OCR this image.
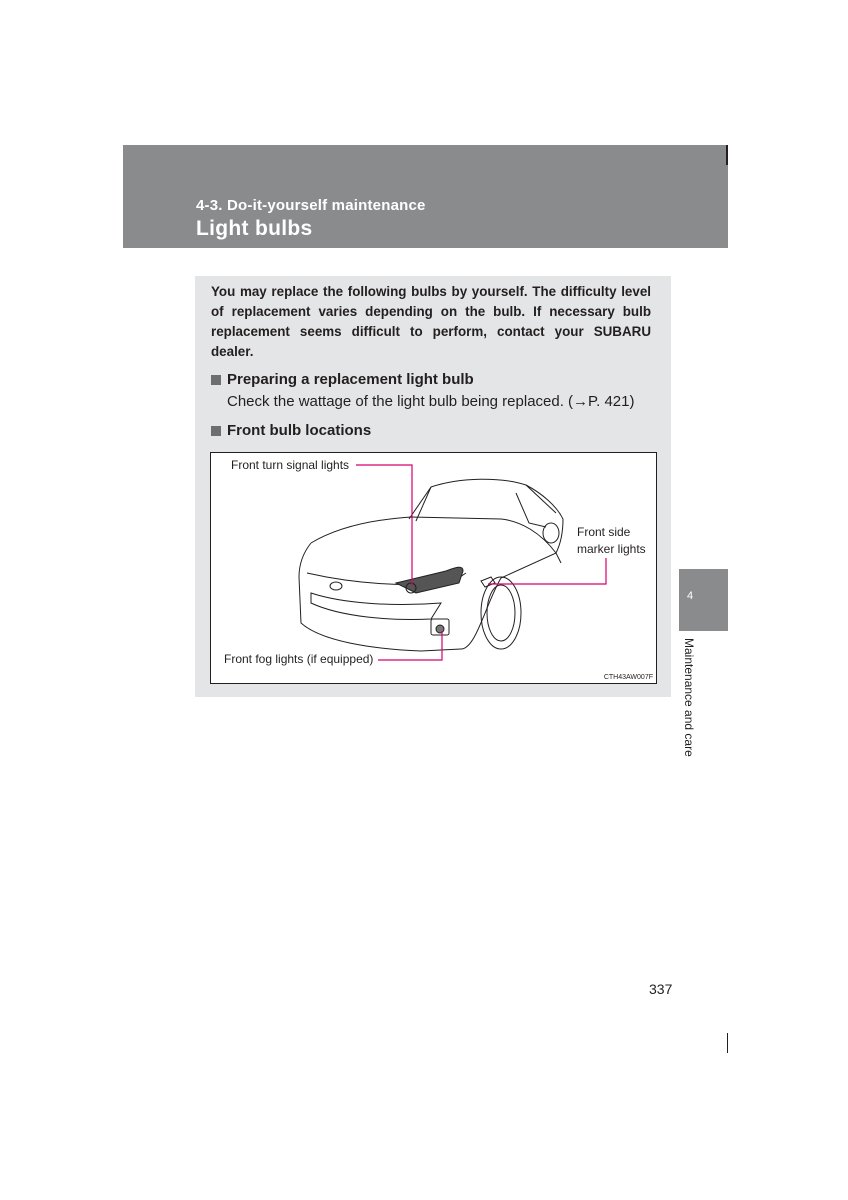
4-3. Do-it-yourself maintenance
Light bulbs

You may replace the following bulbs by yourself. The difficulty level of replacement varies depending on the bulb. If necessary bulb replacement seems difficult to perform, contact your SUBARU dealer.

Preparing a replacement light bulb
Check the wattage of the light bulb being replaced. (→P. 421)
Front bulb locations
Front turn signal lights
Front side
marker lights
Front fog lights (if equipped)
CTH43AW007F
4
Maintenance and care
337
